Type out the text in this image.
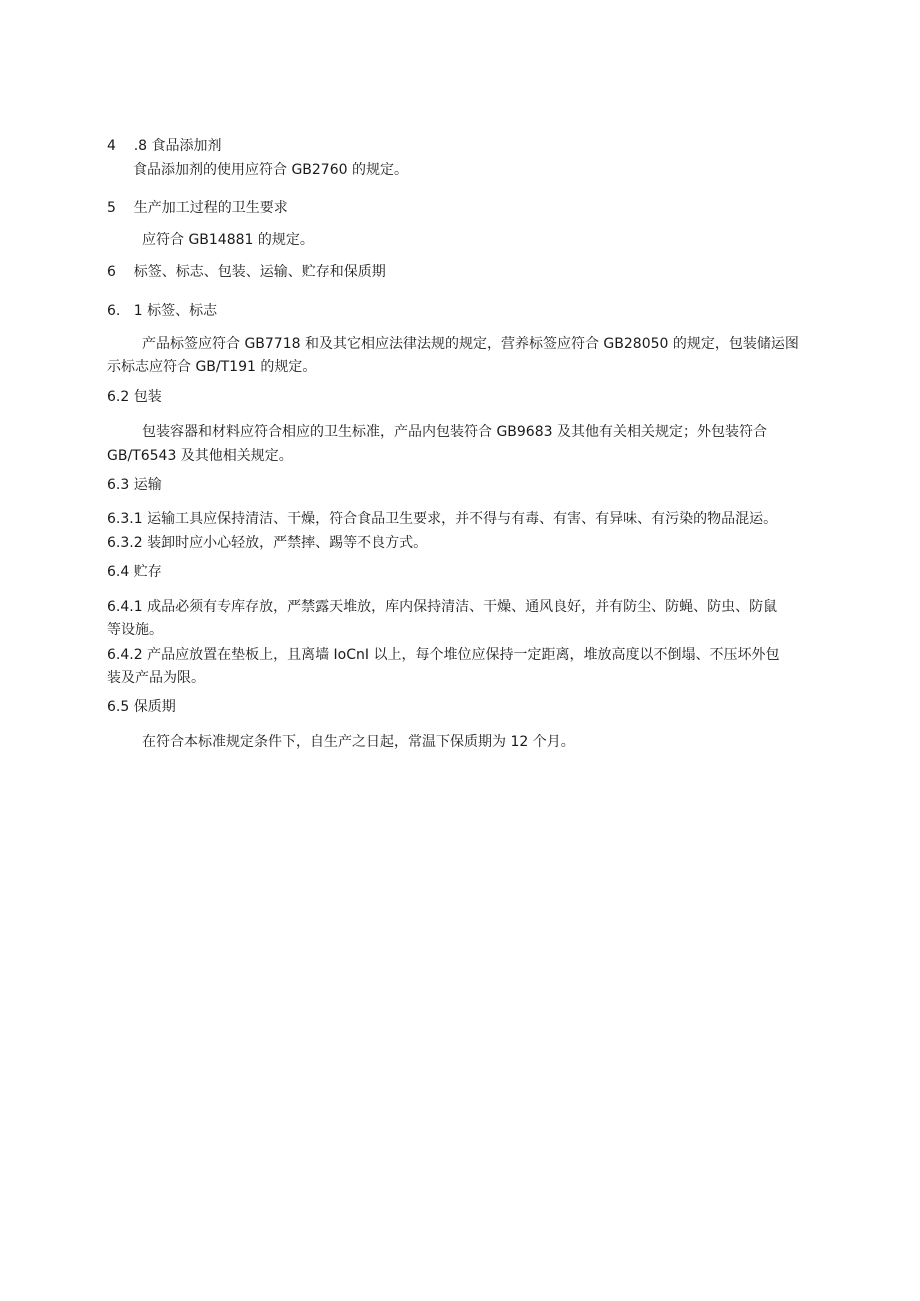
4 .8 食品添加剂
食品添加剂的使用应符合 GB2760 的规定。
5 生产加工过程的卫生要求
应符合 GB14881 的规定。
6 标签、标志、包装、运输、贮存和保质期
6. 1 标签、标志
产品标签应符合 GB7718 和及其它相应法律法规的规定，营养标签应符合 GB28050 的规定，包装储运图
示标志应符合 GB/T191 的规定。
6.2 包装
包装容器和材料应符合相应的卫生标准，产品内包装符合 GB9683 及其他有关相关规定；外包装符合
GB/T6543 及其他相关规定。
6.3 运输
6.3.1 运输工具应保持清洁、干燥，符合食品卫生要求，并不得与有毒、有害、有异味、有污染的物品混运。
6.3.2 装卸时应小心轻放，严禁摔、踢等不良方式。
6.4 贮存
6.4.1 成品必须有专库存放，严禁露天堆放，库内保持清洁、干燥、通风良好，并有防尘、防蝇、防虫、防鼠
等设施。
6.4.2 产品应放置在垫板上，且离墙 IoCnI 以上，每个堆位应保持一定距离，堆放高度以不倒塌、不压坏外包
装及产品为限。
6.5 保质期
在符合本标准规定条件下，自生产之日起，常温下保质期为 12 个月。
